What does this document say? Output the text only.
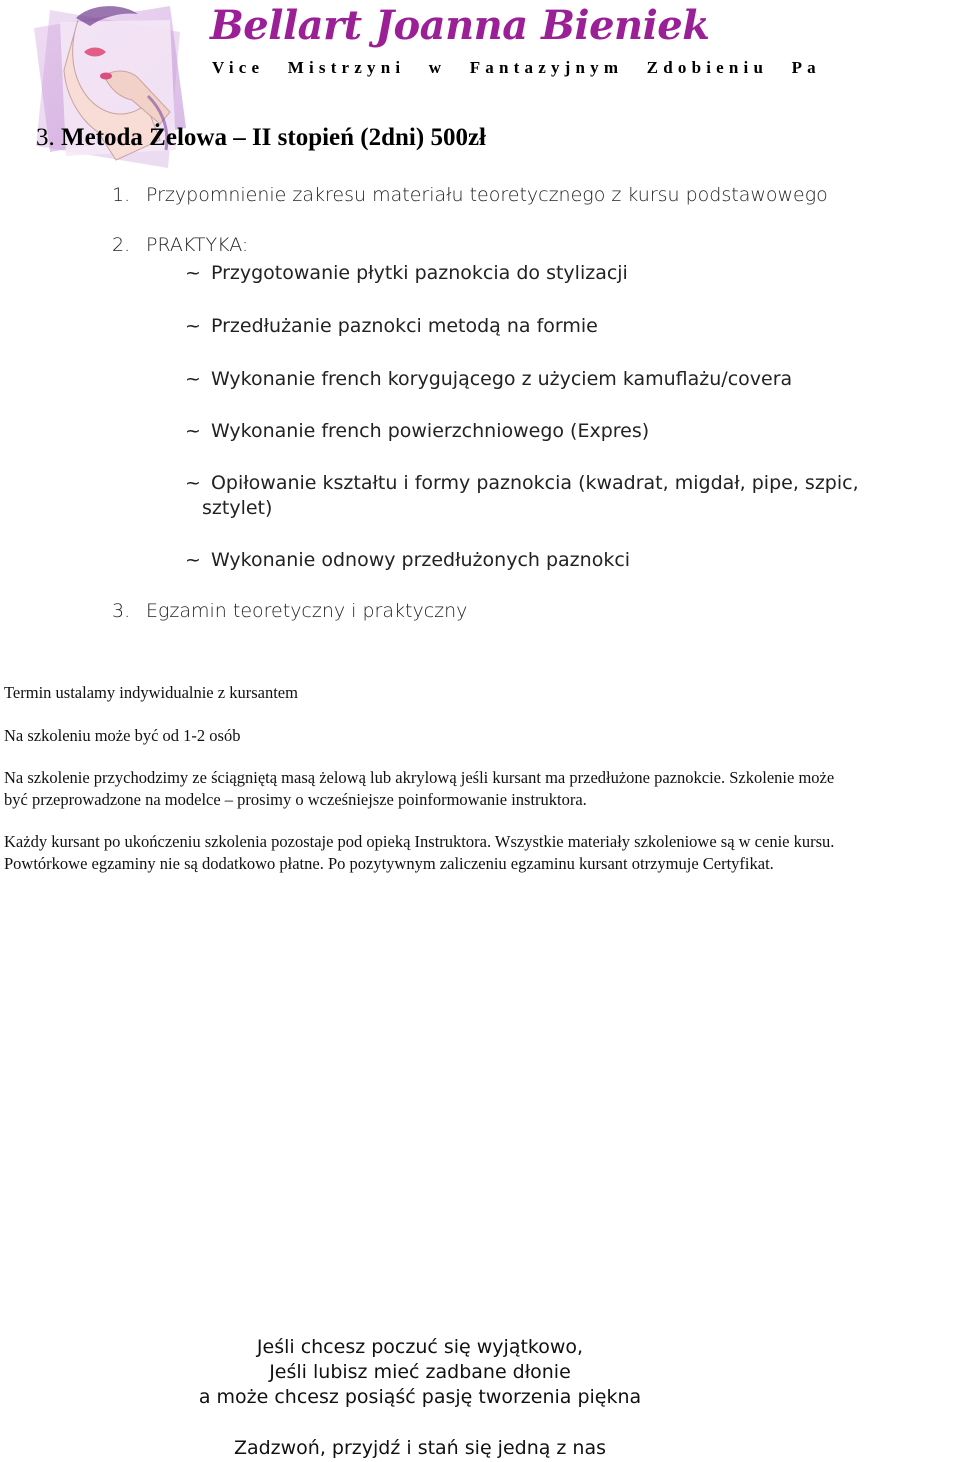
Bellart Joanna Bieniek
Vice Mistrzyni w Fantazyjnym Zdobieniu Pa
3. Metoda Żelowa – II stopień (2dni) 500zł
1. Przypomnienie zakresu materiału teoretycznego z kursu podstawowego
2. PRAKTYKA:
~ Przygotowanie płytki paznokcia do stylizacji
~ Przedłużanie paznokci metodą na formie
~ Wykonanie french korygującego z użyciem kamuflażu/covera
~ Wykonanie french powierzchniowego (Expres)
~ Opiłowanie kształtu i formy paznokcia (kwadrat, migdał, pipe, szpic,
sztylet)
~ Wykonanie odnowy przedłużonych paznokci
3. Egzamin teoretyczny i praktyczny
Termin ustalamy indywidualnie z kursantem
Na szkoleniu może być od 1-2 osób
Na szkolenie przychodzimy ze ściągniętą masą żelową lub akrylową jeśli kursant ma przedłużone paznokcie. Szkolenie może być przeprowadzone na modelce – prosimy o wcześniejsze poinformowanie instruktora.
Każdy kursant po ukończeniu szkolenia pozostaje pod opieką Instruktora. Wszystkie materiały szkoleniowe są w cenie kursu. Powtórkowe egzaminy nie są dodatkowo płatne. Po pozytywnym zaliczeniu egzaminu kursant otrzymuje Certyfikat.
Jeśli chcesz poczuć się wyjątkowo,
Jeśli lubisz mieć zadbane dłonie
a może chcesz posiąść pasję tworzenia piękna
Zadzwoń, przyjdź i stań się jedną z nas
